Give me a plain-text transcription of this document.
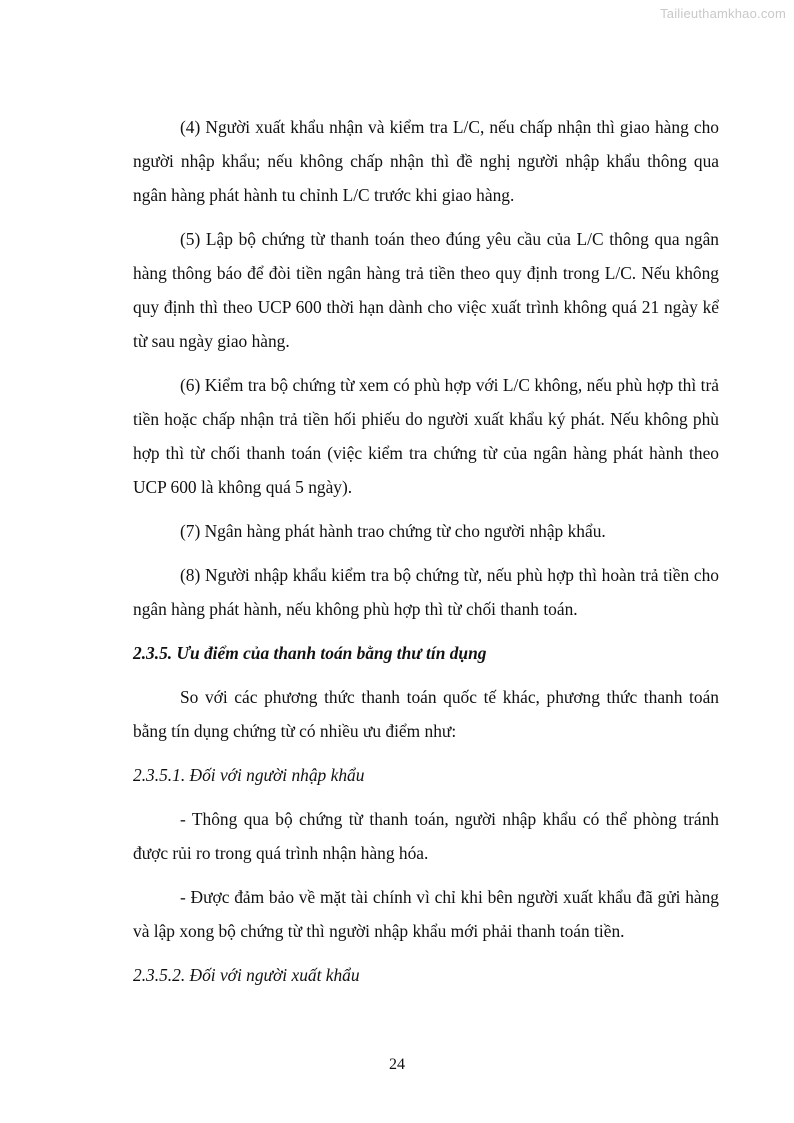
Tailieuthamkhao.com

(4) Người xuất khẩu nhận và kiểm tra L/C, nếu chấp nhận thì giao hàng cho người nhập khẩu; nếu không chấp nhận thì đề nghị người nhập khẩu thông qua ngân hàng phát hành tu chỉnh L/C trước khi giao hàng.

(5) Lập bộ chứng từ thanh toán theo đúng yêu cầu của L/C thông qua ngân hàng thông báo để đòi tiền ngân hàng trả tiền theo quy định trong L/C. Nếu không quy định thì theo UCP 600 thời hạn dành cho việc xuất trình không quá 21 ngày kể từ sau ngày giao hàng.

(6) Kiểm tra bộ chứng từ xem có phù hợp với L/C không, nếu phù hợp thì trả tiền hoặc chấp nhận trả tiền hối phiếu do người xuất khẩu ký phát. Nếu không phù hợp thì từ chối thanh toán (việc kiểm tra chứng từ của ngân hàng phát hành theo UCP 600 là không quá 5 ngày).

(7) Ngân hàng phát hành trao chứng từ cho người nhập khẩu.

(8) Người nhập khẩu kiểm tra bộ chứng từ, nếu phù hợp thì hoàn trả tiền cho ngân hàng phát hành, nếu không phù hợp thì từ chối thanh toán.

2.3.5. Ưu điểm của thanh toán bằng thư tín dụng

So với các phương thức thanh toán quốc tế khác, phương thức thanh toán bằng tín dụng chứng từ có nhiều ưu điểm như:

2.3.5.1. Đối với người nhập khẩu

- Thông qua bộ chứng từ thanh toán, người nhập khẩu có thể phòng tránh được rủi ro trong quá trình nhận hàng hóa.

- Được đảm bảo về mặt tài chính vì chỉ khi bên người xuất khẩu đã gửi hàng và lập xong bộ chứng từ thì người nhập khẩu mới phải thanh toán tiền.

2.3.5.2. Đối với người xuất khẩu

24
